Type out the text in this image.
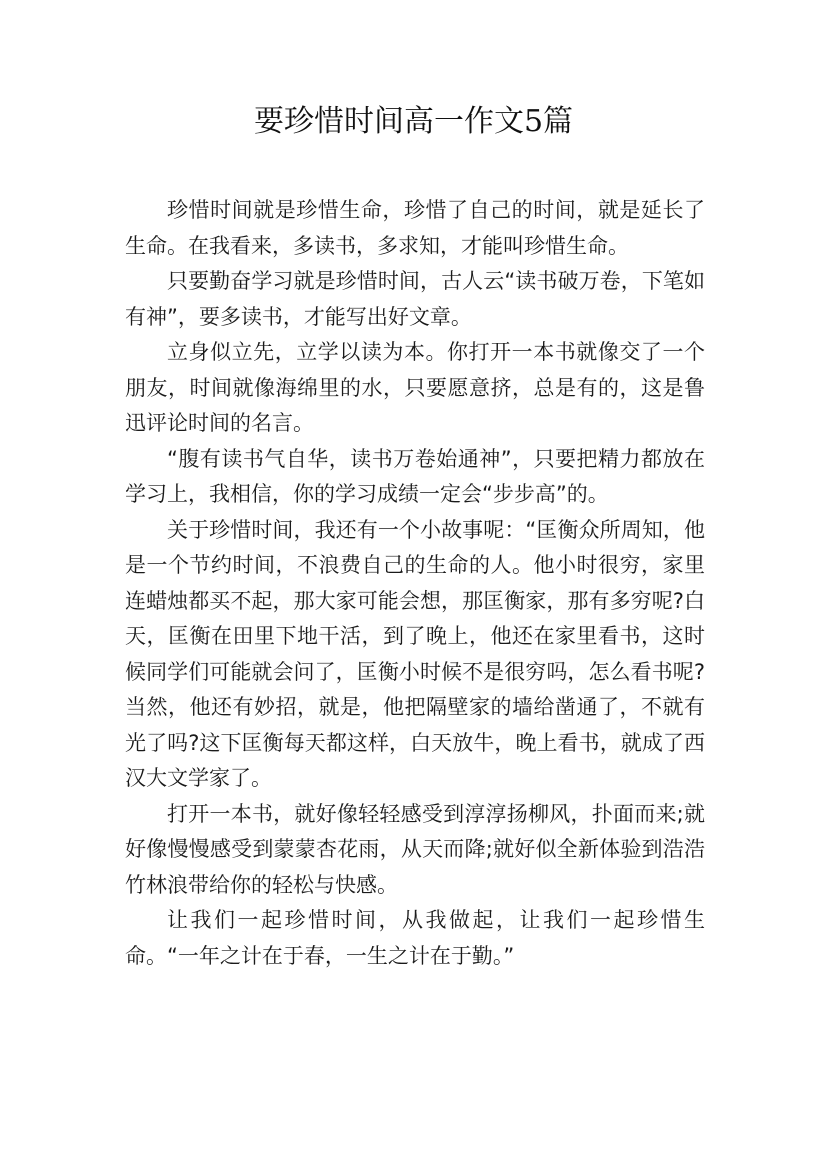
要珍惜时间高一作文5篇

珍惜时间就是珍惜生命，珍惜了自己的时间，就是延长了生命。在我看来，多读书，多求知，才能叫珍惜生命。

只要勤奋学习就是珍惜时间，古人云“读书破万卷，下笔如有神”，要多读书，才能写出好文章。

立身似立先，立学以读为本。你打开一本书就像交了一个朋友，时间就像海绵里的水，只要愿意挤，总是有的，这是鲁迅评论时间的名言。

“腹有读书气自华，读书万卷始通神”，只要把精力都放在学习上，我相信，你的学习成绩一定会“步步高”的。

关于珍惜时间，我还有一个小故事呢：“匡衡众所周知，他是一个节约时间，不浪费自己的生命的人。他小时很穷，家里连蜡烛都买不起，那大家可能会想，那匡衡家，那有多穷呢?白天，匡衡在田里下地干活，到了晚上，他还在家里看书，这时候同学们可能就会问了，匡衡小时候不是很穷吗，怎么看书呢?当然，他还有妙招，就是，他把隔壁家的墙给凿通了，不就有光了吗?这下匡衡每天都这样，白天放牛，晚上看书，就成了西汉大文学家了。

打开一本书，就好像轻轻感受到淳淳扬柳风，扑面而来;就好像慢慢感受到蒙蒙杏花雨，从天而降;就好似全新体验到浩浩竹林浪带给你的轻松与快感。

让我们一起珍惜时间，从我做起，让我们一起珍惜生命。“一年之计在于春，一生之计在于勤。”
